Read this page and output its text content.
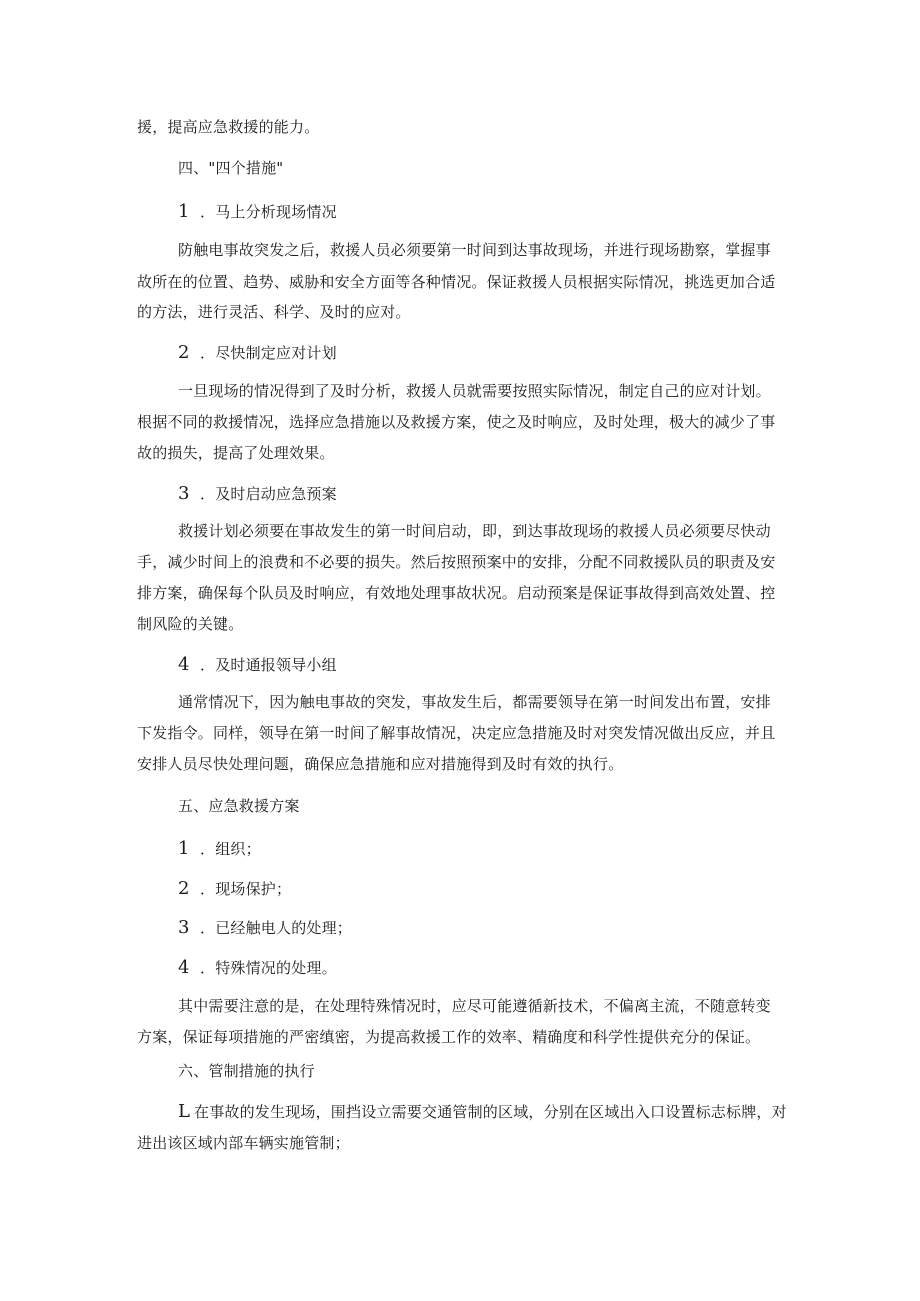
援，提高应急救援的能力。
四、"四个措施"
1 ．马上分析现场情况
防触电事故突发之后，救援人员必须要第一时间到达事故现场，并进行现场勘察，掌握事
故所在的位置、趋势、威胁和安全方面等各种情况。保证救援人员根据实际情况，挑选更加合适
的方法，进行灵活、科学、及时的应对。
2 ．尽快制定应对计划
一旦现场的情况得到了及时分析，救援人员就需要按照实际情况，制定自己的应对计划。
根据不同的救援情况，选择应急措施以及救援方案，使之及时响应，及时处理，极大的减少了事
故的损失，提高了处理效果。
3 ．及时启动应急预案
救援计划必须要在事故发生的第一时间启动，即，到达事故现场的救援人员必须要尽快动
手，减少时间上的浪费和不必要的损失。然后按照预案中的安排，分配不同救援队员的职责及安
排方案，确保每个队员及时响应，有效地处理事故状况。启动预案是保证事故得到高效处置、控
制风险的关键。
4 ．及时通报领导小组
通常情况下，因为触电事故的突发，事故发生后，都需要领导在第一时间发出布置，安排
下发指令。同样，领导在第一时间了解事故情况，决定应急措施及时对突发情况做出反应，并且
安排人员尽快处理问题，确保应急措施和应对措施得到及时有效的执行。
五、应急救援方案
1 ．组织；
2 ．现场保护；
3 ．已经触电人的处理；
4 ．特殊情况的处理。
其中需要注意的是，在处理特殊情况时，应尽可能遵循新技术，不偏离主流，不随意转变
方案，保证每项措施的严密缜密，为提高救援工作的效率、精确度和科学性提供充分的保证。
六、管制措施的执行
L 在事故的发生现场，围挡设立需要交通管制的区域，分别在区域出入口设置标志标牌，对
进出该区域内部车辆实施管制；
